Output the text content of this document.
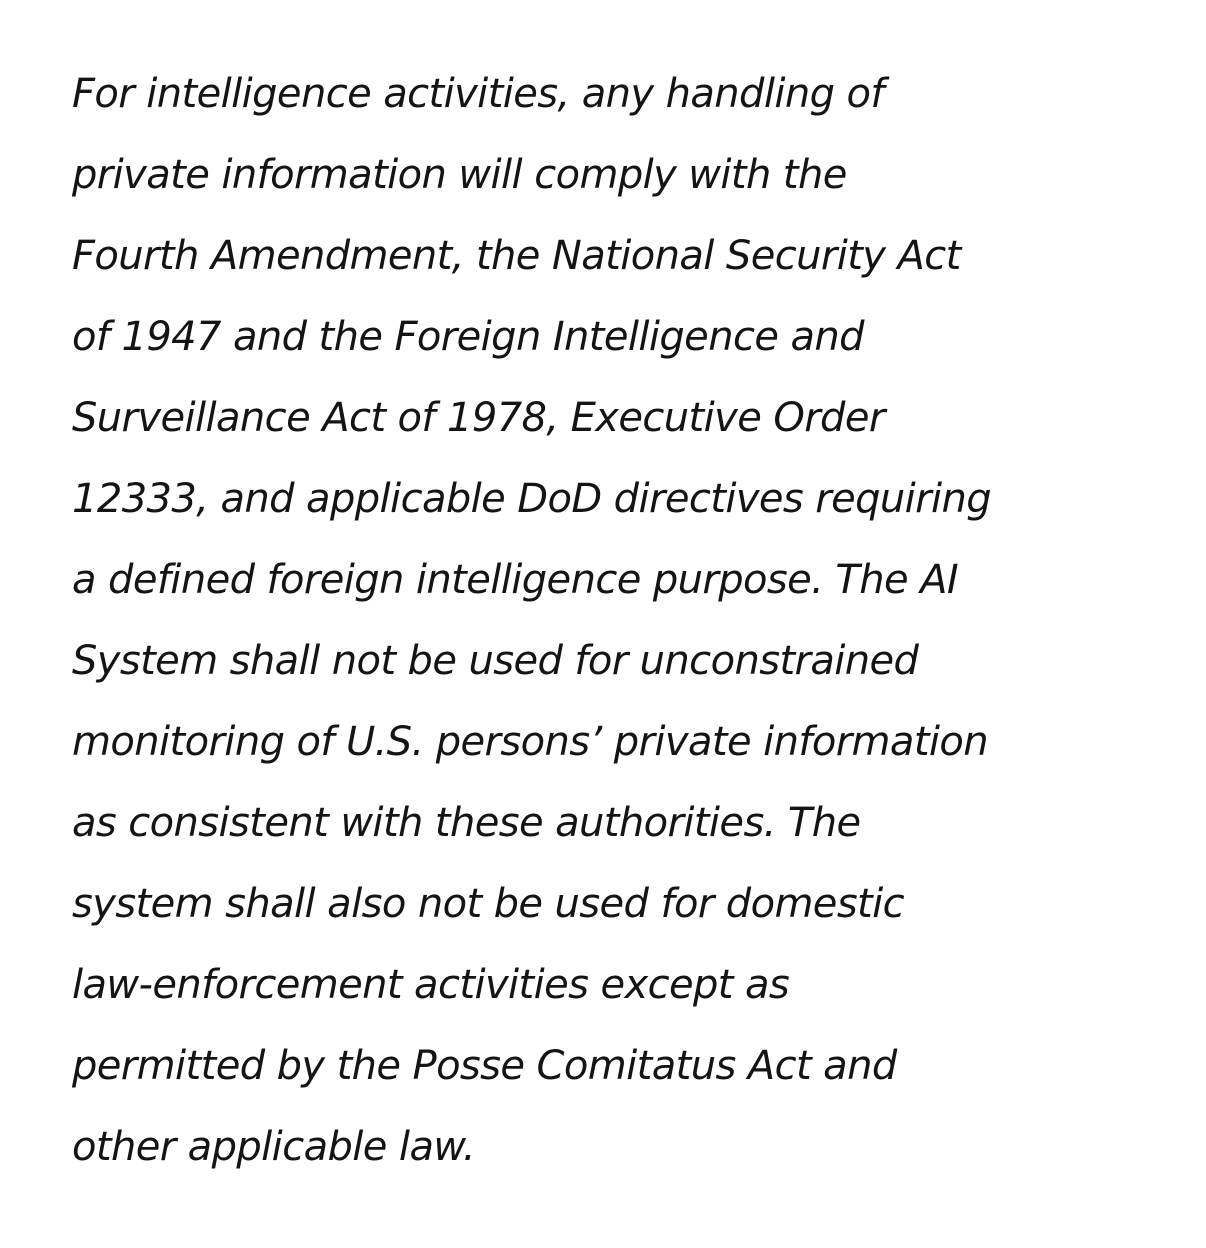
For intelligence activities, any handling of
private information will comply with the
Fourth Amendment, the National Security Act
of 1947 and the Foreign Intelligence and
Surveillance Act of 1978, Executive Order
12333, and applicable DoD directives requiring
a defined foreign intelligence purpose. The AI
System shall not be used for unconstrained
monitoring of U.S. persons’ private information
as consistent with these authorities. The
system shall also not be used for domestic
law-enforcement activities except as
permitted by the Posse Comitatus Act and
other applicable law.
